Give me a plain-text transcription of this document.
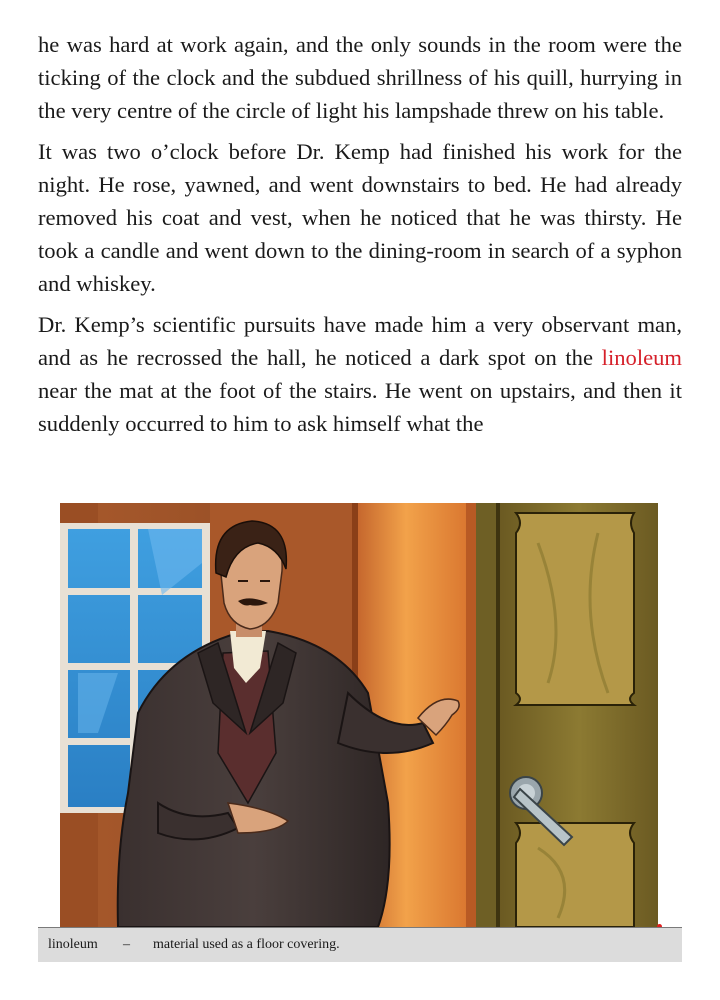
he was hard at work again, and the only sounds in the room were the ticking of the clock and the subdued shrillness of his quill, hurrying in the very centre of the circle of light his lampshade threw on his table.

It was two o’clock before Dr. Kemp had finished his work for the night. He rose, yawned, and went downstairs to bed. He had already removed his coat and vest, when he noticed that he was thirsty. He took a candle and went down to the dining-room in search of a syphon and whiskey.

Dr. Kemp’s scientific pursuits have made him a very observant man, and as he recrossed the hall, he noticed a dark spot on the linoleum near the mat at the foot of the stairs. He went on upstairs, and then it suddenly occurred to him to ask himself what the

linoleum – material used as a floor covering.
